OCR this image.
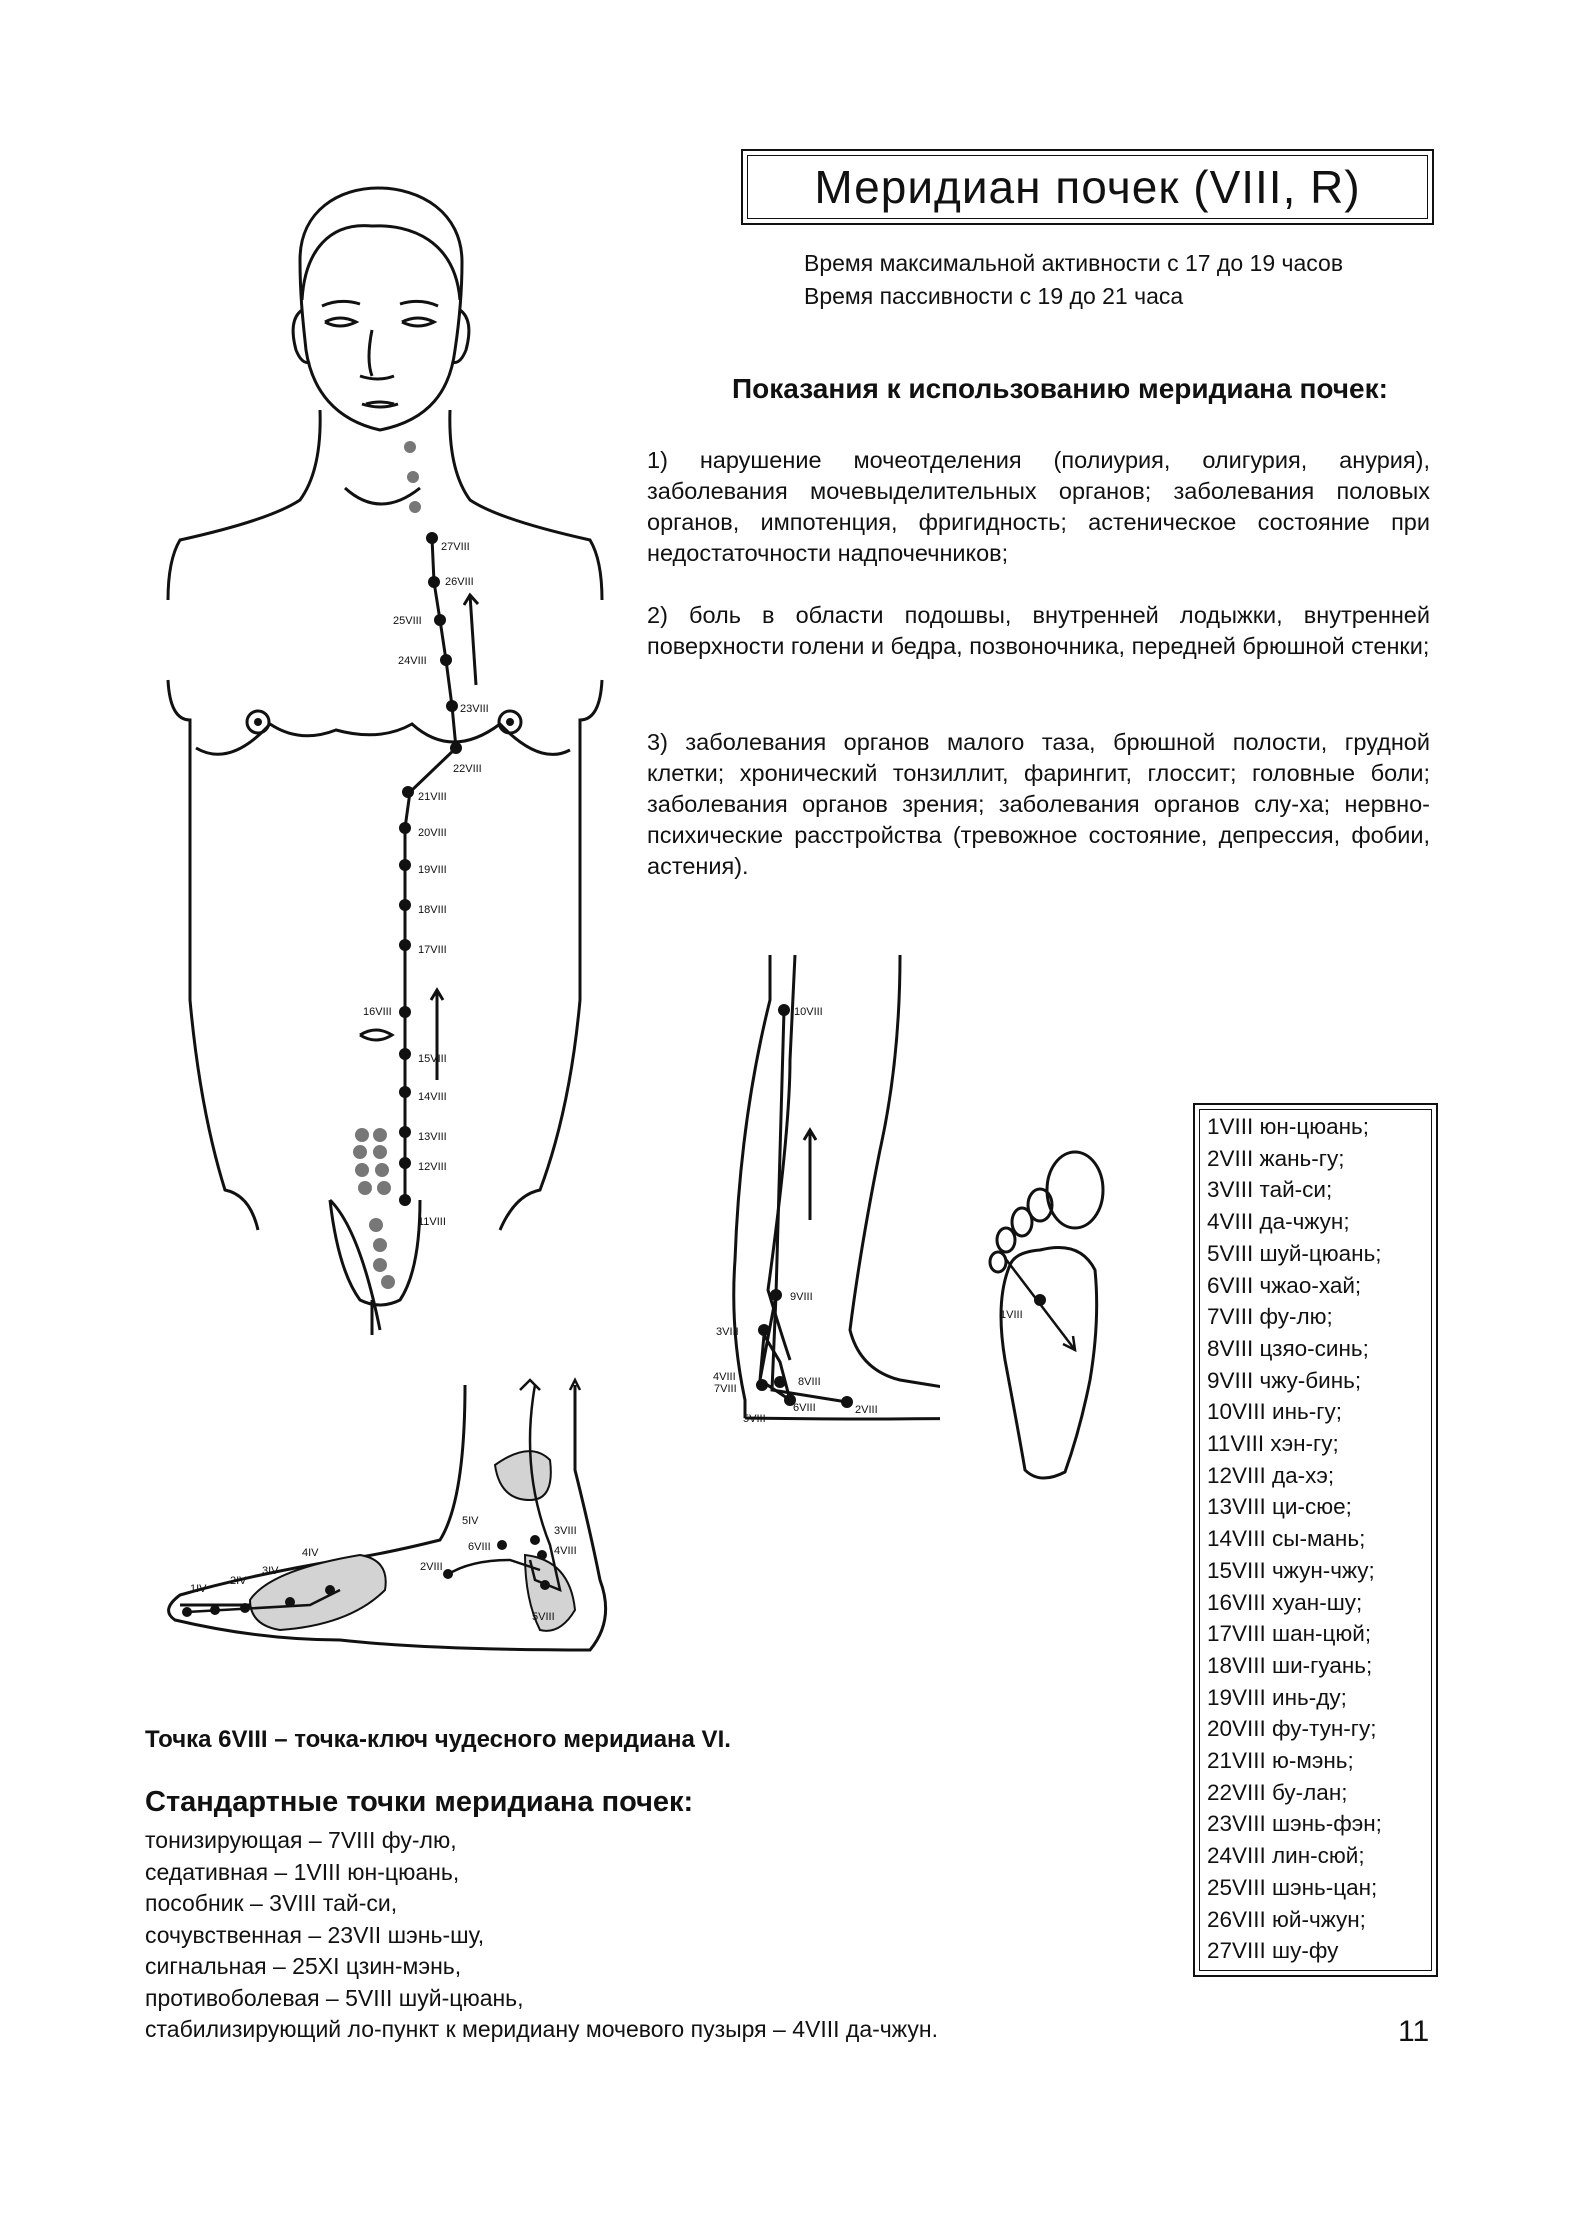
Меридиан почек (VIII, R)
Время максимальной активности с 17 до 19 часов
Время пассивности с 19 до 21 часа
Показания к использованию меридиана почек:
1) нарушение мочеотделения (полиурия, олигурия, анурия), заболевания мочевыделительных органов; заболевания половых органов, импотенция, фригидность; астеническое состояние при недостаточности надпочечников;
2) боль в области подошвы, внутренней лодыжки, внутренней поверхности голени и бедра, позвоночника, передней брюшной стенки;
3) заболевания органов малого таза, брюшной полости, грудной клетки; хронический тонзиллит, фарингит, глоссит; головные боли; заболевания органов зрения; заболевания органов слу-ха; нервно-психические расстройства (тревожное состояние, депрессия, фобии, астения).
27VIII
26VIII
25VIII
24VIII
23VIII
22VIII
21VIII
20VIII
19VIII
18VIII
17VIII
16VIII
15VIII
14VIII
13VIII
12VIII
11VIII
10VIII
9VIII
8VIII
7VIII
3VIII
4VIII
5VIII
6VIII	2VIII
1VIII
1IV
2IV
3IV
4IV
5IV
6VIII
2VIII
3VIII
4VIII
5VIII
1VIII юн-цюань;
2VIII жань-гу;
3VIII тай-си;
4VIII да-чжун;
5VIII шуй-цюань;
6VIII чжао-хай;
7VIII фу-лю;
8VIII цзяо-синь;
9VIII чжу-бинь;
10VIII инь-гу;
11VIII хэн-гу;
12VIII да-хэ;
13VIII ци-сюе;
14VIII сы-мань;
15VIII чжун-чжу;
16VIII хуан-шу;
17VIII шан-цюй;
18VIII ши-гуань;
19VIII инь-ду;
20VIII фу-тун-гу;
21VIII ю-мэнь;
22VIII бу-лан;
23VIII шэнь-фэн;
24VIII лин-сюй;
25VIII шэнь-цан;
26VIII юй-чжун;
27VIII шу-фу
Точка 6VIII – точка-ключ чудесного меридиана VI.
Стандартные точки меридиана почек:
тонизирующая – 7VIII фу-лю,
седативная – 1VIII юн-цюань,
пособник – 3VIII тай-си,
сочувственная – 23VII шэнь-шу,
сигнальная – 25XI цзин-мэнь,
противоболевая – 5VIII шуй-цюань,
стабилизирующий ло-пункт к меридиану мочевого пузыря – 4VIII да-чжун.	11
